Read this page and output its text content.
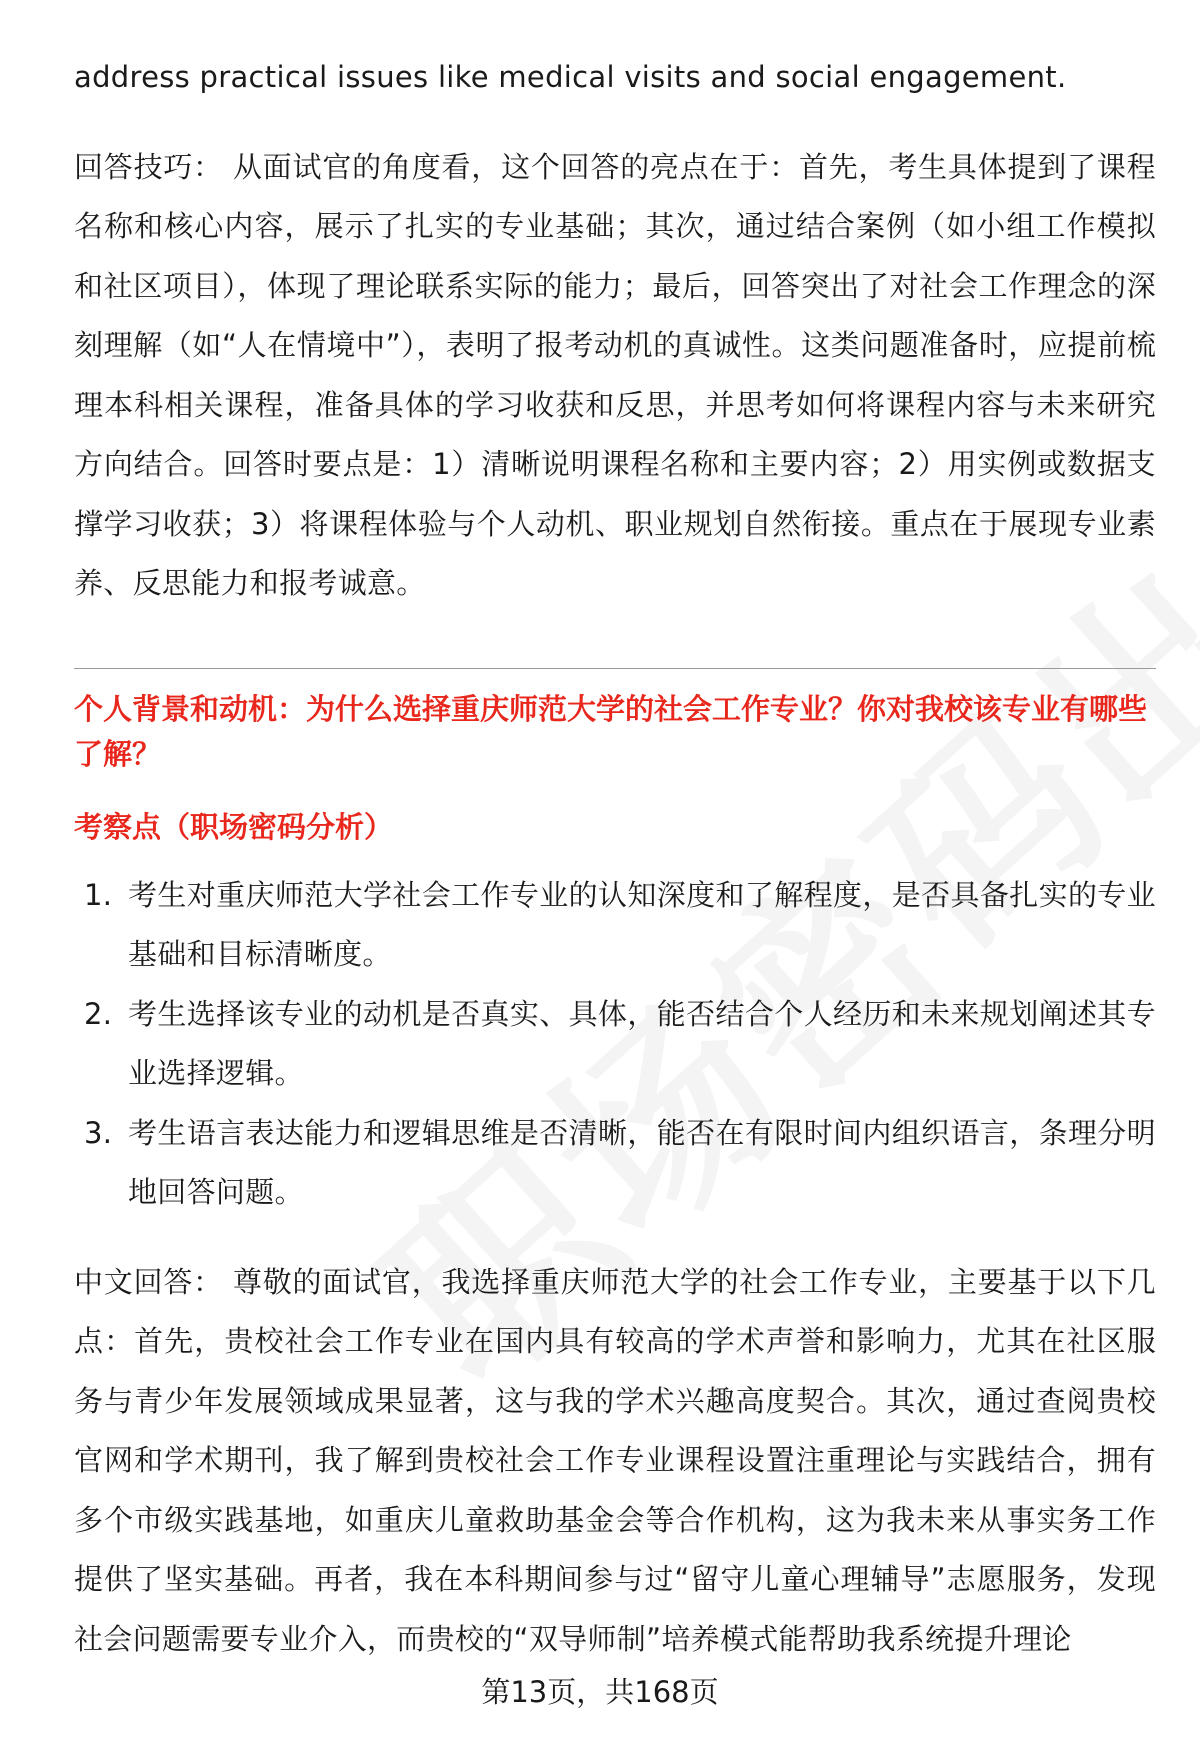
address practical issues like medical visits and social engagement.

回答技巧： 从面试官的角度看，这个回答的亮点在于：首先，考生具体提到了课程名称和核心内容，展示了扎实的专业基础；其次，通过结合案例（如小组工作模拟和社区项目），体现了理论联系实际的能力；最后，回答突出了对社会工作理念的深刻理解（如“人在情境中”），表明了报考动机的真诚性。这类问题准备时，应提前梳理本科相关课程，准备具体的学习收获和反思，并思考如何将课程内容与未来研究方向结合。回答时要点是：1）清晰说明课程名称和主要内容；2）用实例或数据支撑学习收获；3）将课程体验与个人动机、职业规划自然衔接。重点在于展现专业素养、反思能力和报考诚意。

个人背景和动机：为什么选择重庆师范大学的社会工作专业？你对我校该专业有哪些了解？

考察点（职场密码分析）

1. 考生对重庆师范大学社会工作专业的认知深度和了解程度，是否具备扎实的专业基础和目标清晰度。
2. 考生选择该专业的动机是否真实、具体，能否结合个人经历和未来规划阐述其专业选择逻辑。
3. 考生语言表达能力和逻辑思维是否清晰，能否在有限时间内组织语言，条理分明地回答问题。

中文回答： 尊敬的面试官，我选择重庆师范大学的社会工作专业，主要基于以下几点：首先，贵校社会工作专业在国内具有较高的学术声誉和影响力，尤其在社区服务与青少年发展领域成果显著，这与我的学术兴趣高度契合。其次，通过查阅贵校官网和学术期刊，我了解到贵校社会工作专业课程设置注重理论与实践结合，拥有多个市级实践基地，如重庆儿童救助基金会等合作机构，这为我未来从事实务工作提供了坚实基础。再者，我在本科期间参与过“留守儿童心理辅导”志愿服务，发现社会问题需要专业介入，而贵校的“双导师制”培养模式能帮助我系统提升理论

第13页，共168页
